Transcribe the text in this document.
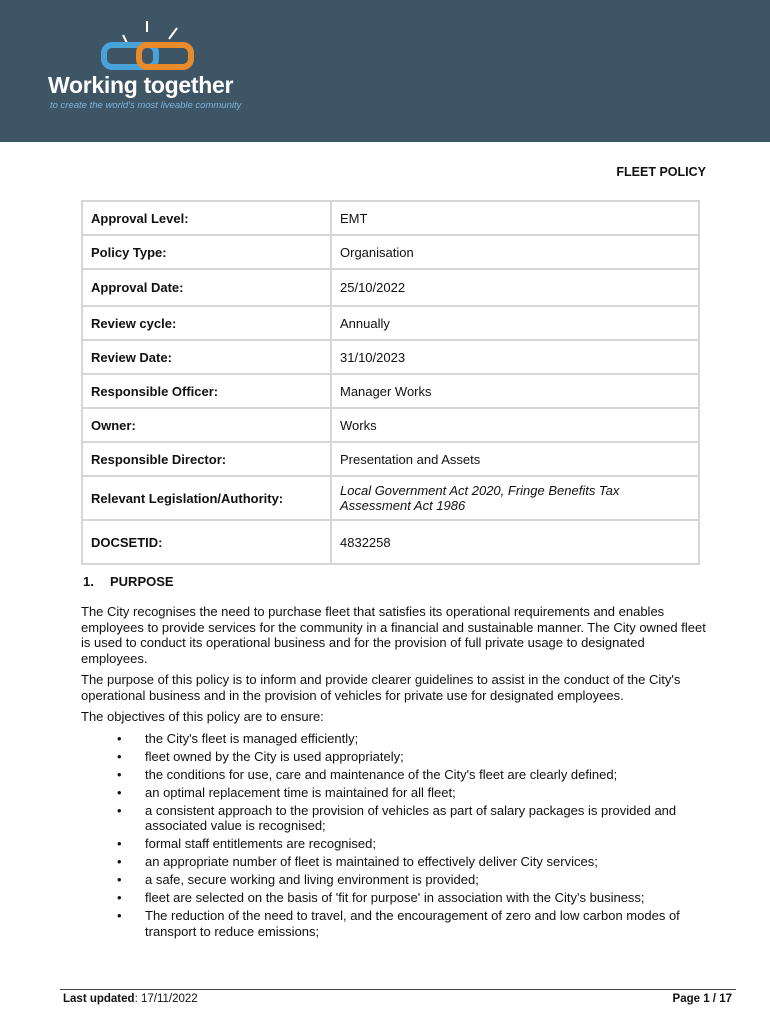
Working together
to create the world's most liveable community
FLEET POLICY
Approval Level:	EMT
Policy Type:	Organisation
Approval Date:	25/10/2022
Review cycle:	Annually
Review Date:	31/10/2023
Responsible Officer:	Manager Works
Owner:	Works
Responsible Director:	Presentation and Assets
Relevant Legislation/Authority:	Local Government Act 2020, Fringe Benefits Tax Assessment Act 1986
DOCSETID:	4832258
1. PURPOSE

The City recognises the need to purchase fleet that satisfies its operational requirements and enables employees to provide services for the community in a financial and sustainable manner. The City owned fleet is used to conduct its operational business and for the provision of full private usage to designated employees.

The purpose of this policy is to inform and provide clearer guidelines to assist in the conduct of the City's operational business and in the provision of vehicles for private use for designated employees.

The objectives of this policy are to ensure:

• the City's fleet is managed efficiently;
• fleet owned by the City is used appropriately;
• the conditions for use, care and maintenance of the City's fleet are clearly defined;
• an optimal replacement time is maintained for all fleet;
• a consistent approach to the provision of vehicles as part of salary packages is provided and associated value is recognised;
• formal staff entitlements are recognised;
• an appropriate number of fleet is maintained to effectively deliver City services;
• a safe, secure working and living environment is provided;
• fleet are selected on the basis of 'fit for purpose' in association with the City's business;
• The reduction of the need to travel, and the encouragement of zero and low carbon modes of transport to reduce emissions;
Last updated: 17/11/2022	Page 1 / 17
